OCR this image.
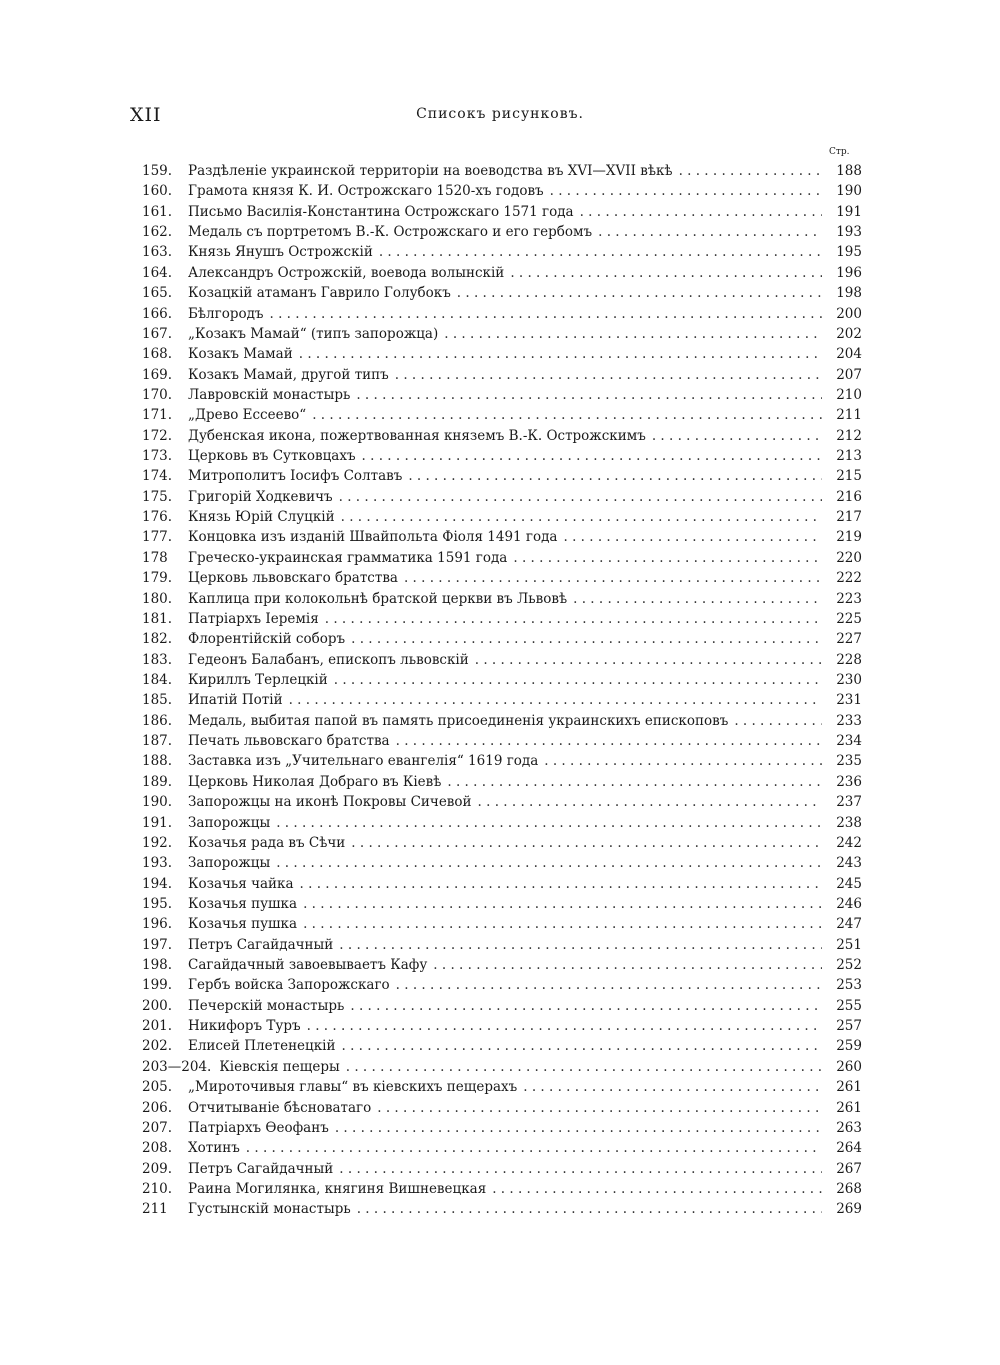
XII	Списокъ рисунковъ.
Стр.
159.	Раздѣленіе украинской территоріи на воеводства въ XVI—XVII вѣкѣ . . .	188
160.	Грамота князя К. И. Острожскаго 1520-хъ годовъ . . .	190
161.	Письмо Василія-Константина Острожскаго 1571 года . . .	191
162.	Медаль съ портретомъ В.-К. Острожскаго и его гербомъ . . .	193
163.	Князь Янушъ Острожскій . . .	195
164.	Александръ Острожскій, воевода волынскій . . .	196
165.	Козацкій атаманъ Гаврило Голубокъ . . .	198
166.	Бѣлгородъ . . .	200
167.	„Козакъ Мамай“ (типъ запорожца) . . .	202
168.	Козакъ Мамай . . .	204
169.	Козакъ Мамай, другой типъ . . .	207
170.	Лавровскій монастырь . . .	210
171.	„Древо Ессеево“ . . .	211
172.	Дубенская икона, пожертвованная княземъ В.-К. Острожскимъ . . .	212
173.	Церковь въ Сутковцахъ . . .	213
174.	Митрополитъ Іосифъ Солтавъ . . .	215
175.	Григорій Ходкевичъ . . .	216
176.	Князь Юрій Слуцкій . . .	217
177.	Концовка изъ изданій Швайпольта Фіоля 1491 года . . .	219
178	Греческо-украинская грамматика 1591 года . . .	220
179.	Церковь львовскаго братства . . .	222
180.	Каплица при колокольнѣ братской церкви въ Львовѣ . . .	223
181.	Патріархъ Іеремія . . .	225
182.	Флорентійскій соборъ . . .	227
183.	Гедеонъ Балабанъ, епископъ львовскій . . .	228
184.	Кириллъ Терлецкій . . .	230
185.	Ипатій Потій . . .	231
186.	Медаль, выбитая папой въ память присоединенія украинскихъ епископовъ . . .	233
187.	Печать львовскаго братства . . .	234
188.	Заставка изъ „Учительнаго евангелія“ 1619 года . . .	235
189.	Церковь Николая Добраго въ Кіевѣ . . .	236
190.	Запорожцы на иконѣ Покровы Сичевой . . .	237
191.	Запорожцы . . .	238
192.	Козачья рада въ Сѣчи . . .	242
193.	Запорожцы . . .	243
194.	Козачья чайка . . .	245
195.	Козачья пушка . . .	246
196.	Козачья пушка . . .	247
197.	Петръ Сагайдачный . . .	251
198.	Сагайдачный завоевываетъ Кафу . . .	252
199.	Гербъ войска Запорожскаго . . .	253
200.	Печерскій монастырь . . .	255
201.	Никифоръ Туръ . . .	257
202.	Елисей Плетенецкій . . .	259
203—204. Кіевскія пещеры . . .	260
205.	„Мироточивыя главы“ въ кіевскихъ пещерахъ . . .	261
206.	Отчитываніе бѣсноватаго . . .	261
207.	Патріархъ Ѳеофанъ . . .	263
208.	Хотинъ . . .	264
209.	Петръ Сагайдачный . . .	267
210.	Раина Могилянка, княгиня Вишневецкая . . .	268
211	Густынскій монастырь . . .	269
